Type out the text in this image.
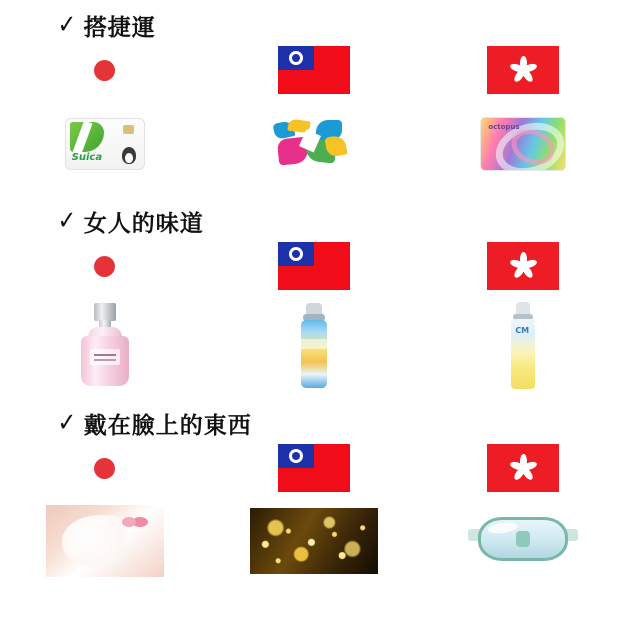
✓ 搭捷運
Suica
octopus
✓ 女人的味道
CM
✓ 戴在臉上的東西
